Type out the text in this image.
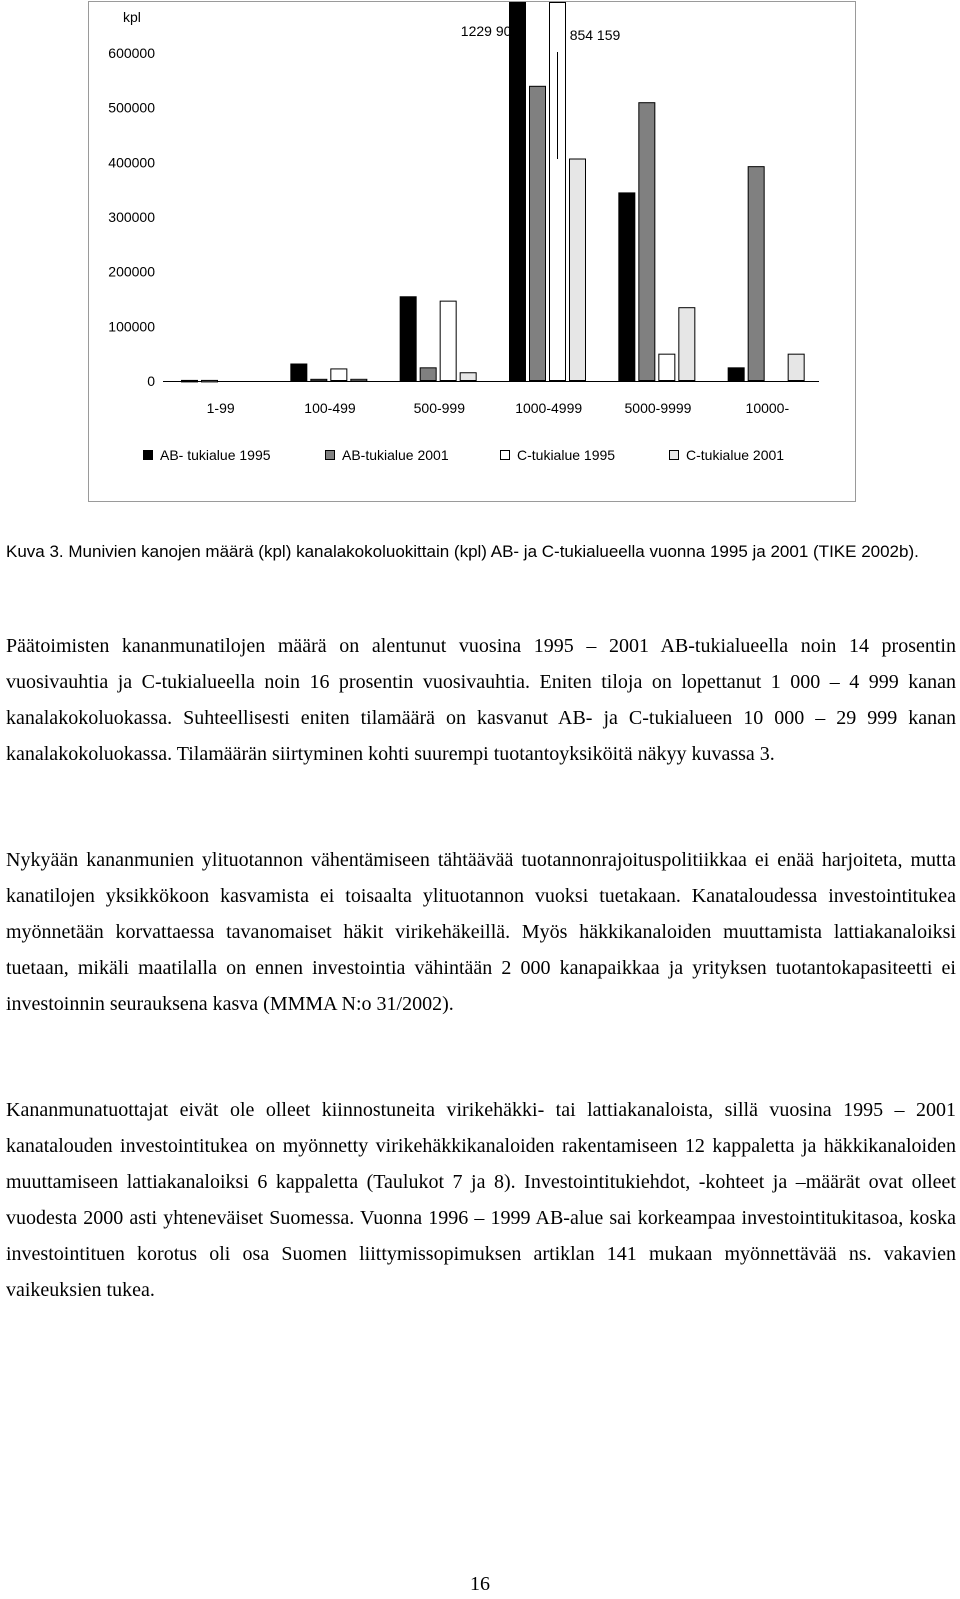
600000
500000
400000
300000
200000
100000
0
kpl
1229 905	854 159
1-99	100-499	500-999	1000-4999	5000-9999	10000-
AB- tukialue 1995	AB-tukialue 2001	C-tukialue 1995	C-tukialue 2001
Kuva 3. Munivien kanojen määrä (kpl) kanalakokoluokittain (kpl) AB- ja C-tukialueella vuonna 1995 ja 2001 (TIKE 2002b).
Päätoimisten kananmunatilojen määrä on alentunut vuosina 1995 – 2001 AB-tukialueella noin 14 prosentin vuosivauhtia ja C-tukialueella noin 16 prosentin vuosivauhtia. Eniten tiloja on lopettanut 1 000 – 4 999 kanan kanalakokoluokassa. Suhteellisesti eniten tilamäärä on kasvanut AB- ja C-tukialueen 10 000 – 29 999 kanan kanalakokoluokassa. Tilamäärän siirtyminen kohti suurempi tuotantoyksiköitä näkyy kuvassa 3.
Nykyään kananmunien ylituotannon vähentämiseen tähtäävää tuotannonrajoituspolitiikkaa ei enää harjoiteta, mutta kanatilojen yksikkökoon kasvamista ei toisaalta ylituotannon vuoksi tuetakaan. Kanataloudessa investointitukea myönnetään korvattaessa tavanomaiset häkit virikehäkeillä. Myös häkkikanaloiden muuttamista lattiakanaloiksi tuetaan, mikäli maatilalla on ennen investointia vähintään 2 000 kanapaikkaa ja yrityksen tuotantokapasiteetti ei investoinnin seurauksena kasva (MMMA N:o 31/2002).
Kananmunatuottajat eivät ole olleet kiinnostuneita virikehäkki- tai lattiakanaloista, sillä vuosina 1995 – 2001 kanatalouden investointitukea on myönnetty virikehäkkikanaloiden rakentamiseen 12 kappaletta ja häkkikanaloiden muuttamiseen lattiakanaloiksi 6 kappaletta (Taulukot 7 ja 8). Investointitukiehdot, -kohteet ja –määrät ovat olleet vuodesta 2000 asti yhteneväiset Suomessa. Vuonna 1996 – 1999 AB-alue sai korkeampaa investointitukitasoa, koska investointituen korotus oli osa Suomen liittymissopimuksen artiklan 141 mukaan myönnettävää ns. vakavien vaikeuksien tukea.
16
